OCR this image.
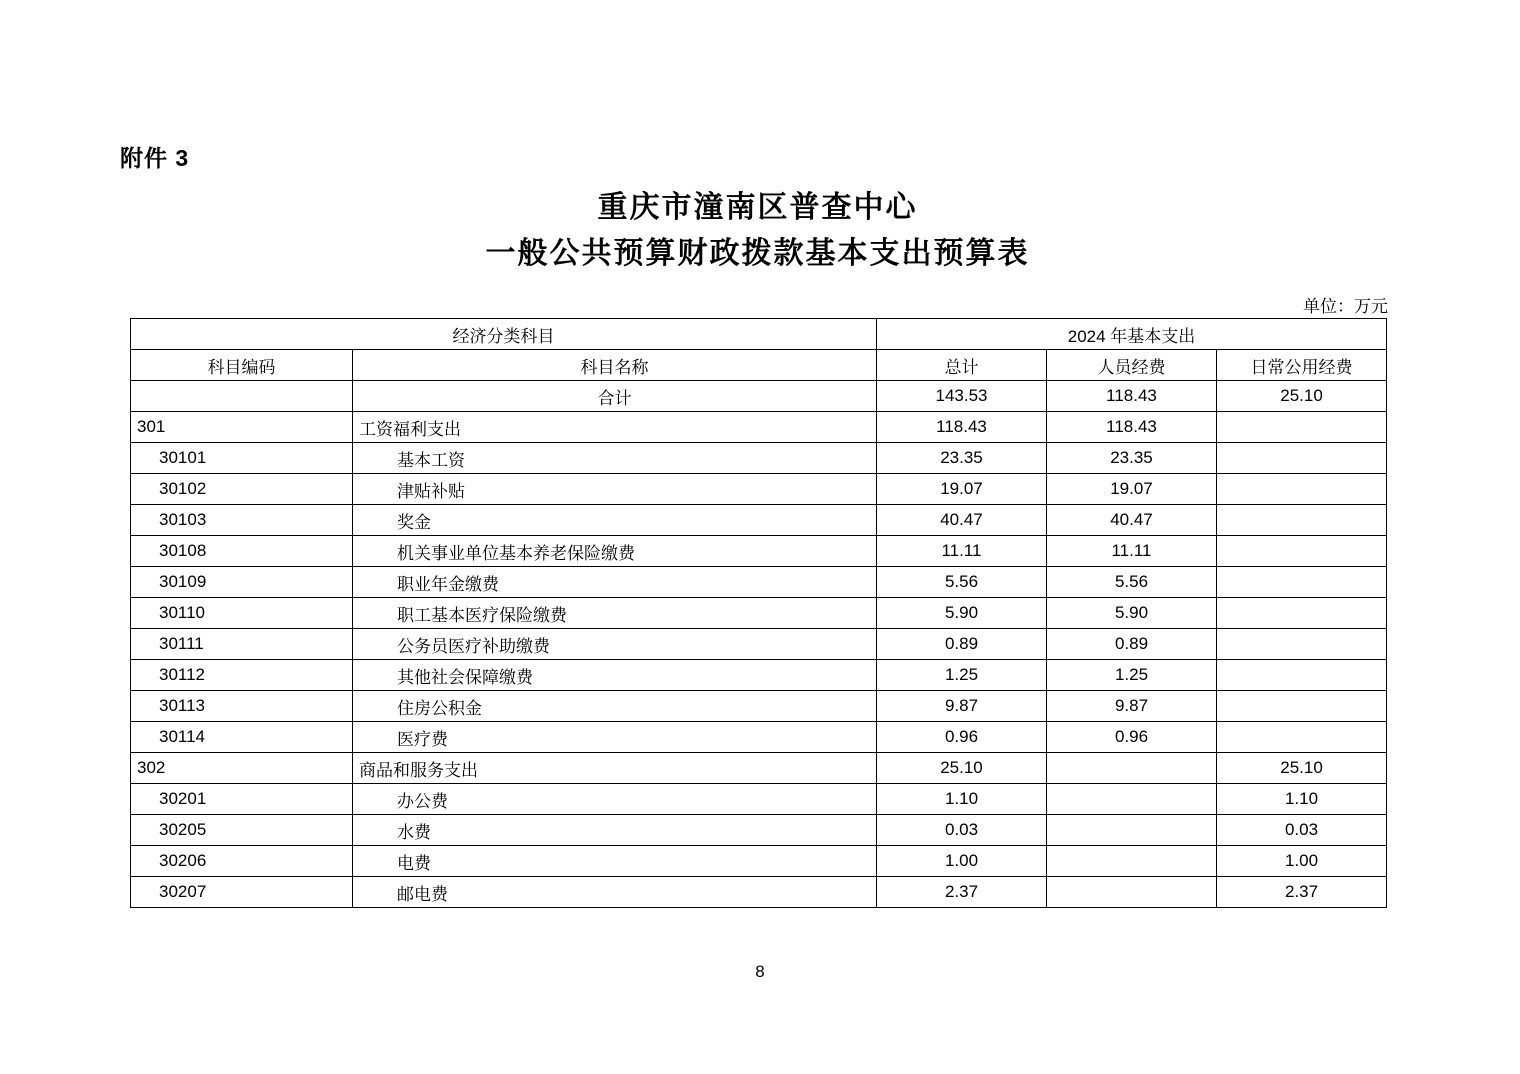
附件 3
重庆市潼南区普查中心
一般公共预算财政拨款基本支出预算表
单位：万元
经济分类科目		2024 年基本支出		
科目编码	科目名称	总计	人员经费	日常公用经费
	合计	143.53	118.43	25.10
301	工资福利支出	118.43	118.43	
30101	基本工资	23.35	23.35	
30102	津贴补贴	19.07	19.07	
30103	奖金	40.47	40.47	
30108	机关事业单位基本养老保险缴费	11.11	11.11	
30109	职业年金缴费	5.56	5.56	
30110	职工基本医疗保险缴费	5.90	5.90	
30111	公务员医疗补助缴费	0.89	0.89	
30112	其他社会保障缴费	1.25	1.25	
30113	住房公积金	9.87	9.87	
30114	医疗费	0.96	0.96	
302	商品和服务支出	25.10		25.10
30201	办公费	1.10		1.10
30205	水费	0.03		0.03
30206	电费	1.00		1.00
30207	邮电费	2.37		2.37
8
